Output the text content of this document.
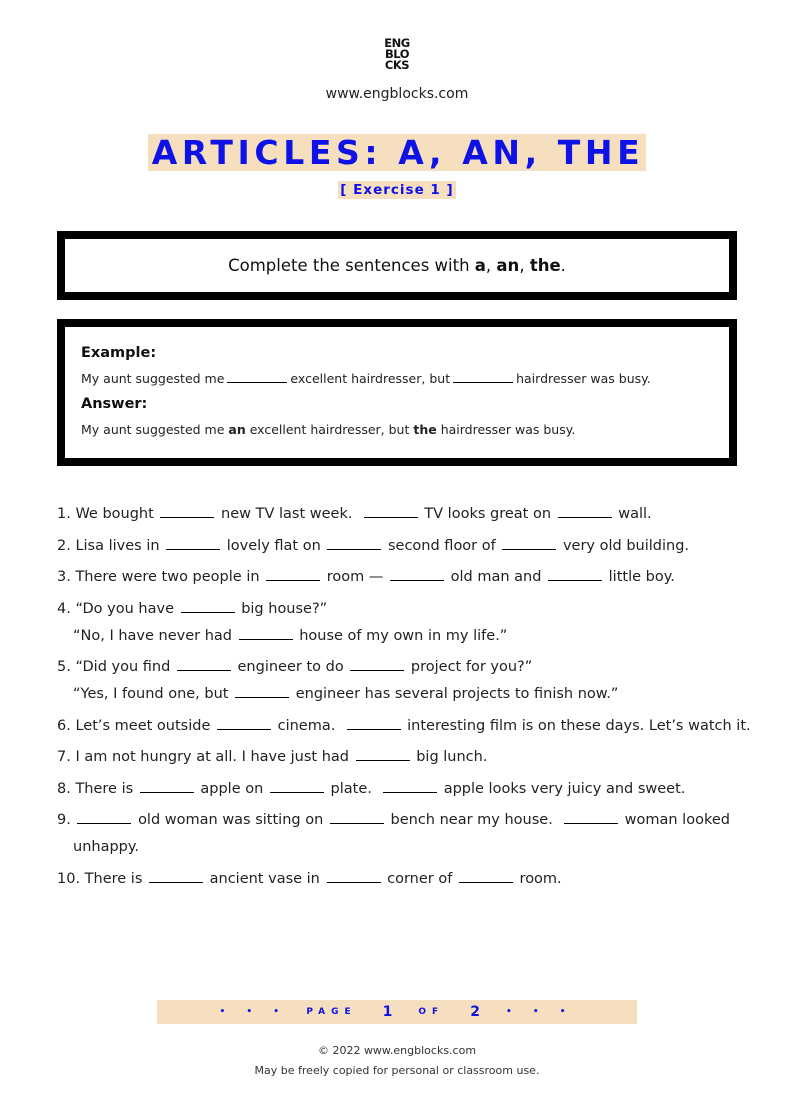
ENG
BLO
CKS
www.engblocks.com
ARTICLES: A, AN, THE
[ Exercise 1 ]
Complete the sentences with a, an, the.
Example:
My aunt suggested me	excellent hairdresser, but	hairdresser was busy.
Answer:
My aunt suggested me an excellent hairdresser, but the hairdresser was busy.
1. We bought	new TV last week.	TV looks great on	wall.
2. Lisa lives in	lovely flat on	second floor of	very old building.
3. There were two people in	room —	old man and	little boy.
4. “Do you have	big house?”
“No, I have never had	house of my own in my life.”
5. “Did you find	engineer to do	project for you?”
“Yes, I found one, but	engineer has several projects to finish now.”
6. Let’s meet outside	cinema.	interesting film is on these days. Let’s watch it.
7. I am not hungry at all. I have just had	big lunch.
8. There is	apple on	plate.	apple looks very juicy and sweet.
9.	old woman was sitting on	bench near my house.	woman looked
unhappy.
10. There is	ancient vase in	corner of	room.
• • •
PAGE 1	OF 2	• • •
© 2022 www.engblocks.com
May be freely copied for personal or classroom use.
